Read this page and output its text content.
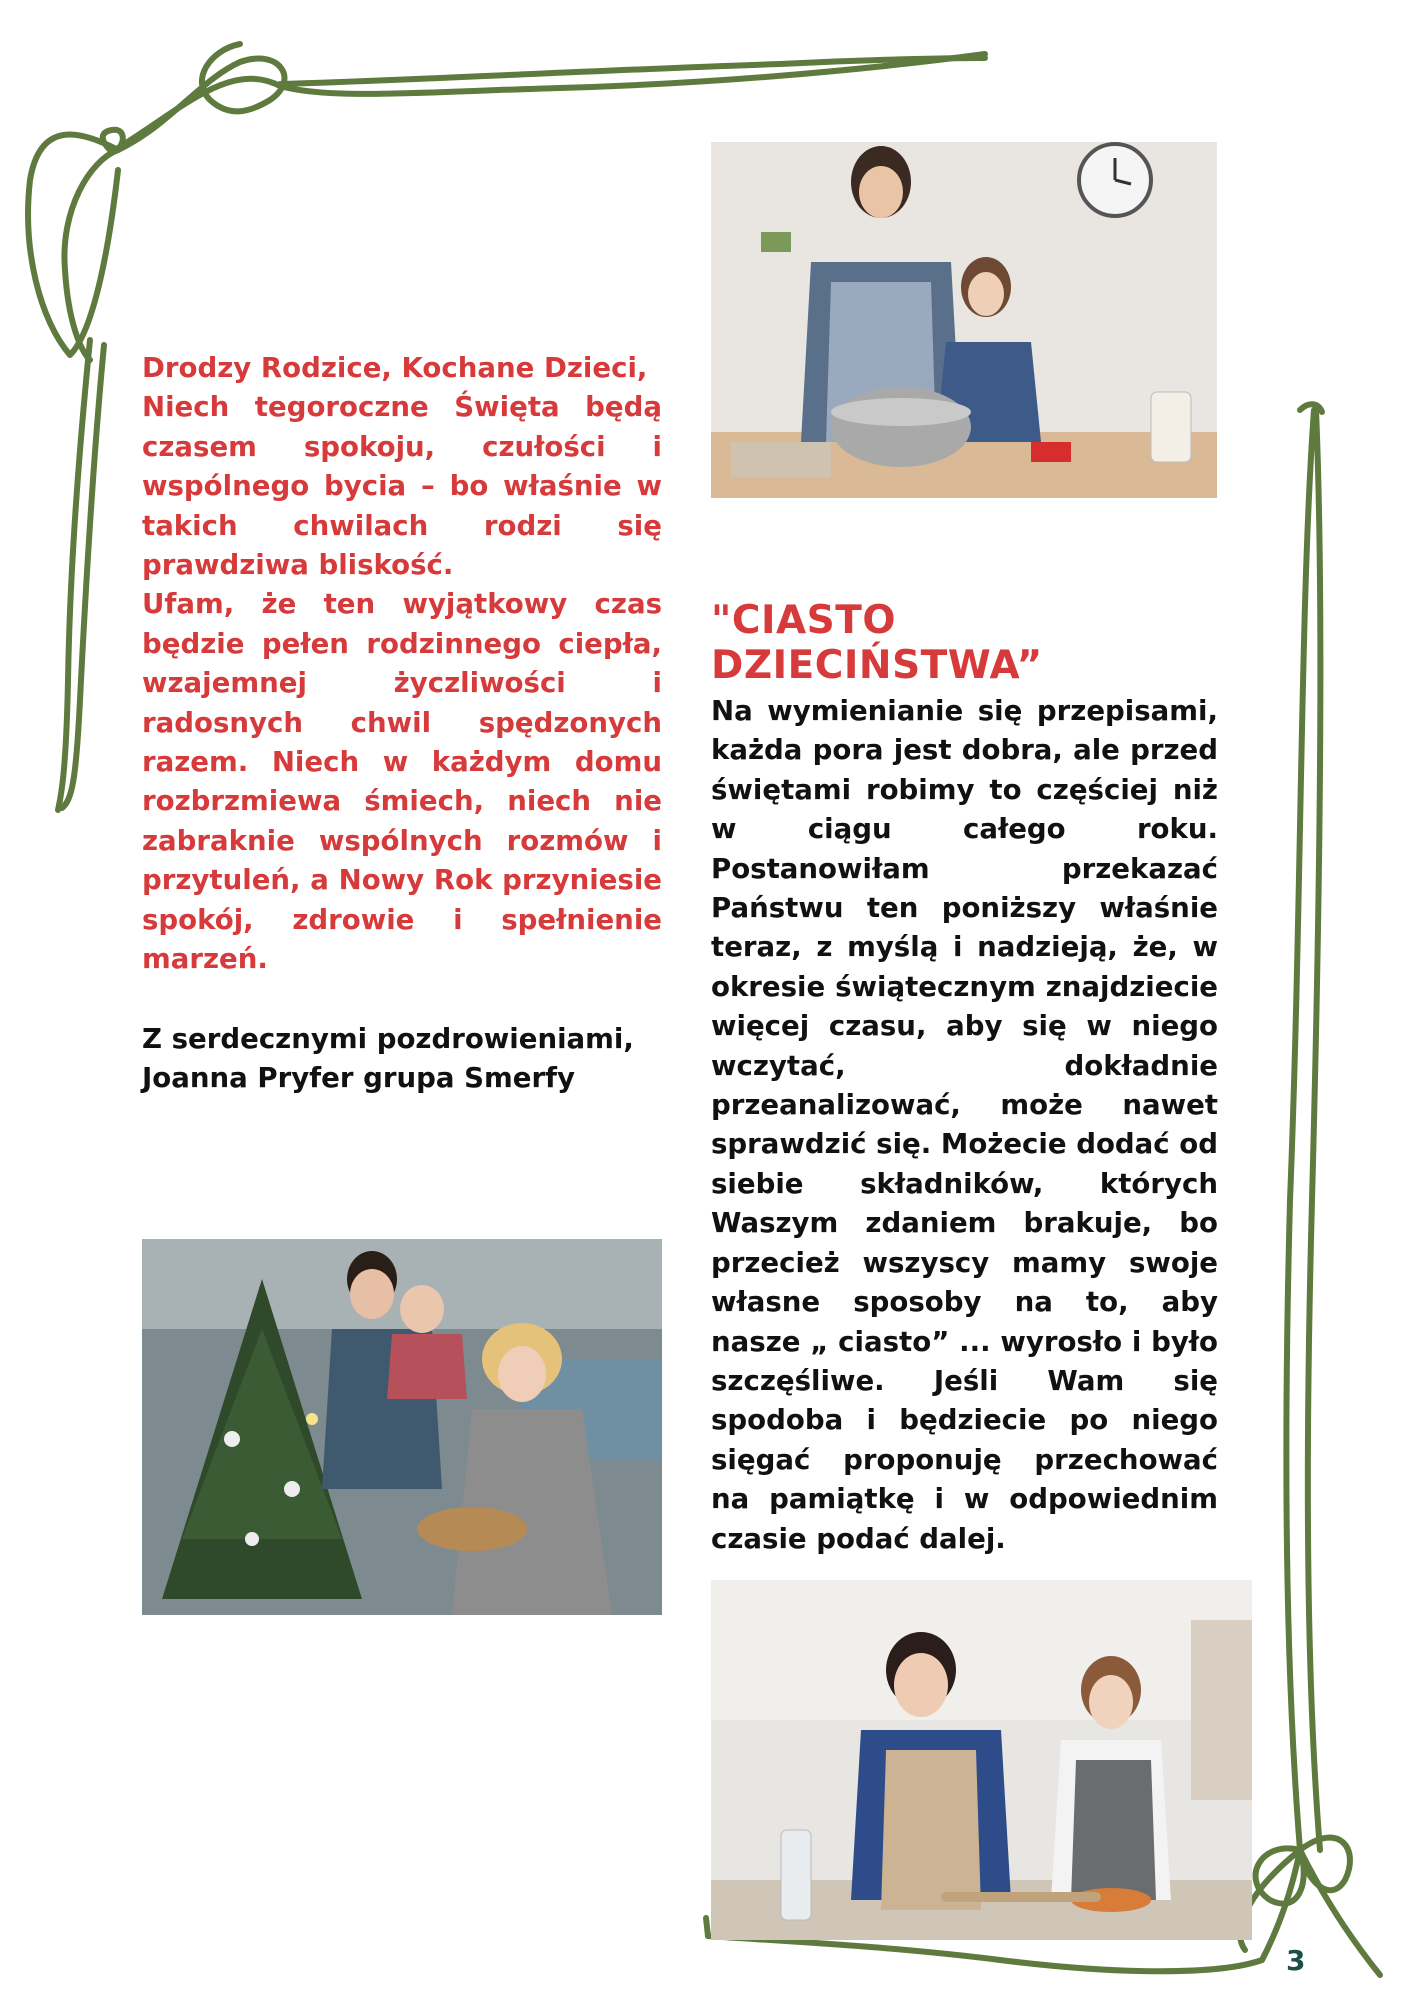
Drodzy Rodzice, Kochane Dzieci,

Niech tegoroczne Święta będą czasem spokoju, czułości i wspólnego bycia – bo właśnie w takich chwilach rodzi się prawdziwa bliskość.

Ufam, że ten wyjątkowy czas będzie pełen rodzinnego ciepła, wzajemnej życzliwości i radosnych chwil spędzonych razem. Niech w każdym domu rozbrzmiewa śmiech, niech nie zabraknie wspólnych rozmów i przytuleń, a Nowy Rok przyniesie spokój, zdrowie i spełnienie marzeń.

Z serdecznymi pozdrowieniami,

Joanna Pryfer grupa Smerfy

"CIASTO DZIECIŃSTWA”

Na wymienianie się przepisami, każda pora jest dobra, ale przed świętami robimy to częściej niż w ciągu całego roku. Postanowiłam przekazać Państwu ten poniższy właśnie teraz, z myślą i nadzieją, że, w okresie świątecznym znajdziecie więcej czasu, aby się w niego wczytać, dokładnie przeanalizować, może nawet sprawdzić się. Możecie dodać od siebie składników, których Waszym zdaniem brakuje, bo przecież wszyscy mamy swoje własne sposoby na to, aby nasze „ ciasto” ... wyrosło i było szczęśliwe. Jeśli Wam się spodoba i będziecie po niego sięgać proponuję przechować na pamiątkę i w odpowiednim czasie podać dalej.

3
